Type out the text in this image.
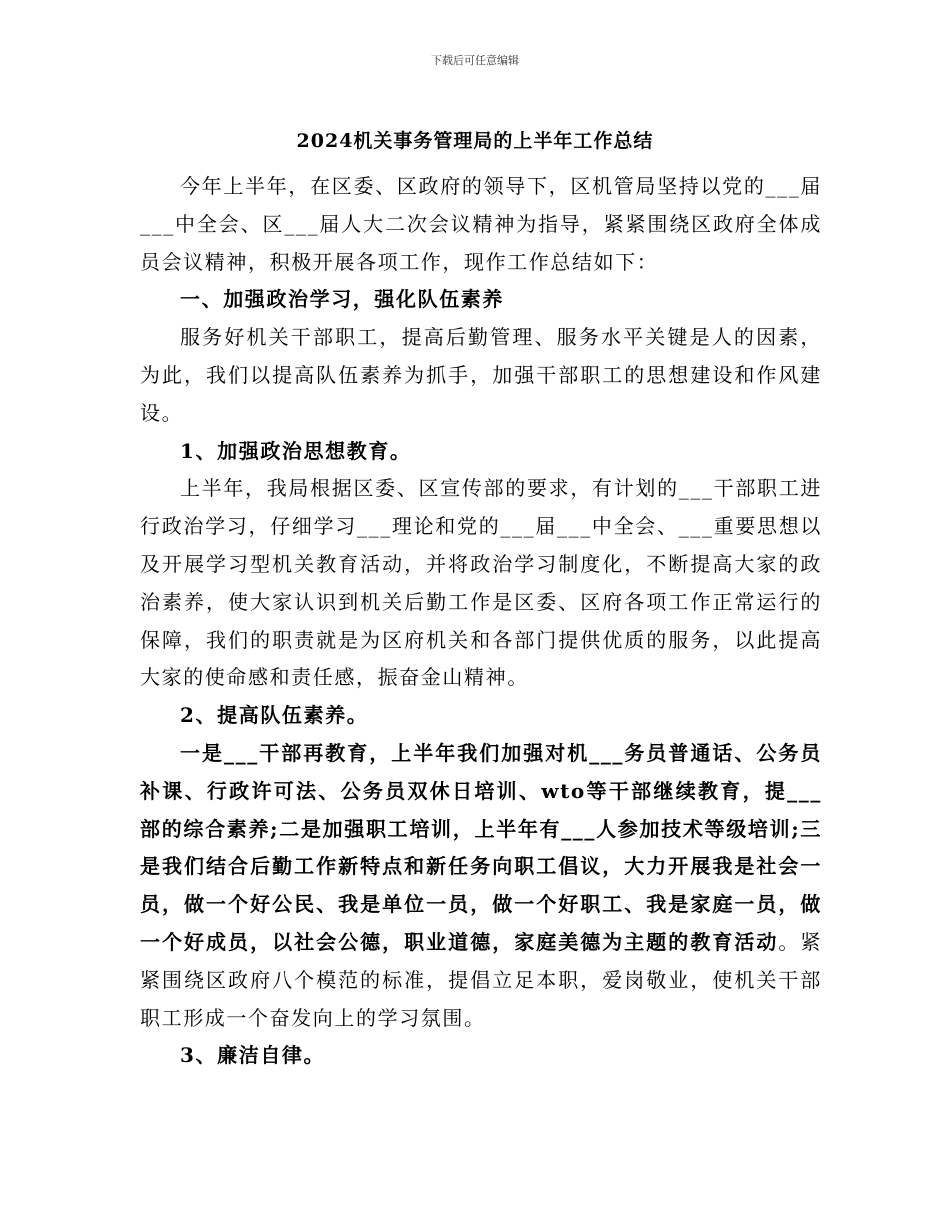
下载后可任意编辑
2024机关事务管理局的上半年工作总结

今年上半年，在区委、区政府的领导下，区机管局坚持以党的___届___中全会、区___届人大二次会议精神为指导，紧紧围绕区政府全体成员会议精神，积极开展各项工作，现作工作总结如下：

一、加强政治学习，强化队伍素养

服务好机关干部职工，提高后勤管理、服务水平关键是人的因素，为此，我们以提高队伍素养为抓手，加强干部职工的思想建设和作风建设。

1、加强政治思想教育。

上半年，我局根据区委、区宣传部的要求，有计划的___干部职工进行政治学习，仔细学习___理论和党的___届___中全会、___重要思想以及开展学习型机关教育活动，并将政治学习制度化，不断提高大家的政治素养，使大家认识到机关后勤工作是区委、区府各项工作正常运行的保障，我们的职责就是为区府机关和各部门提供优质的服务，以此提高大家的使命感和责任感，振奋金山精神。

2、提高队伍素养。

一是___干部再教育，上半年我们加强对机___务员普通话、公务员补课、行政许可法、公务员双休日培训、wto等干部继续教育，提___部的综合素养;二是加强职工培训，上半年有___人参加技术等级培训;三是我们结合后勤工作新特点和新任务向职工倡议，大力开展我是社会一员，做一个好公民、我是单位一员，做一个好职工、我是家庭一员，做一个好成员，以社会公德，职业道德，家庭美德为主题的教育活动。紧紧围绕区政府八个模范的标准，提倡立足本职，爱岗敬业，使机关干部职工形成一个奋发向上的学习氛围。

3、廉洁自律。
